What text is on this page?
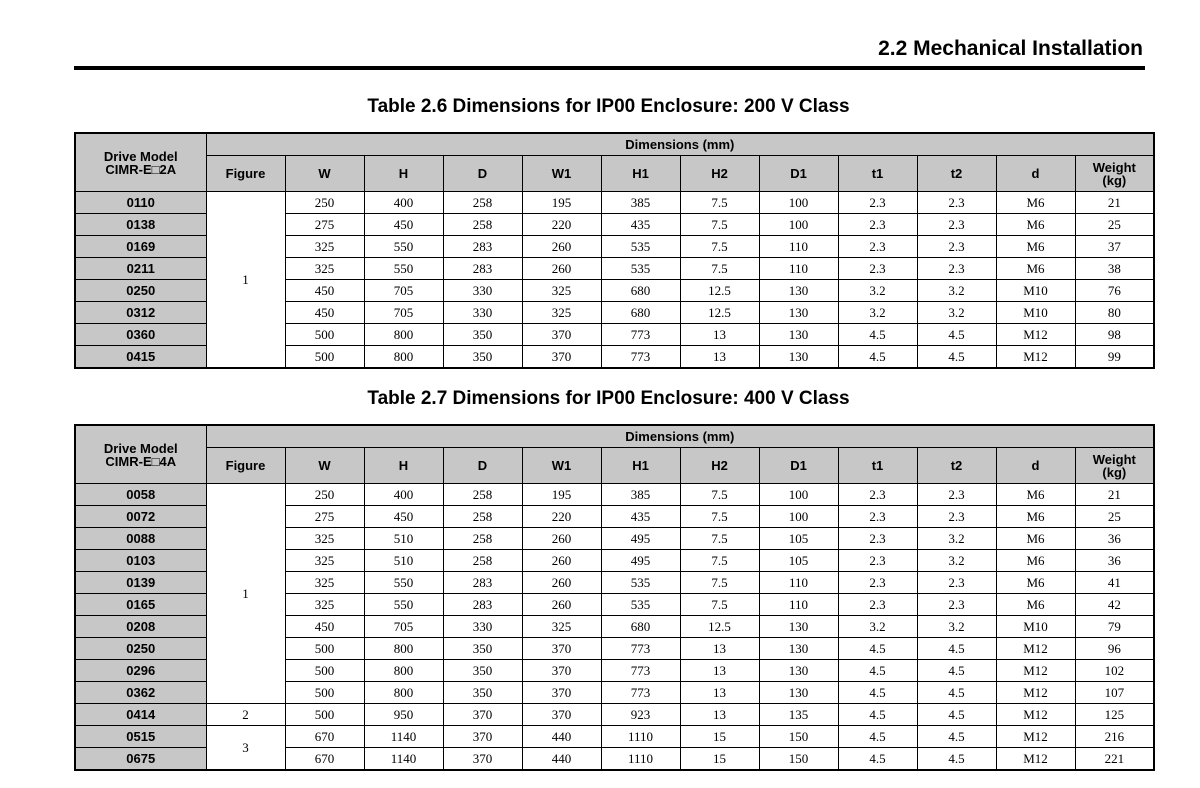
2.2 Mechanical Installation
Table 2.6 Dimensions for IP00 Enclosure: 200 V Class
Drive Model
CIMR-E□2A	Dimensions (mm)											
	Figure	W	H	D	W1	H1	H2	D1	t1	t2	d	Weight
(kg)

0110	1	250	400	258	195	385	7.5	100	2.3	2.3	M6	21
0138		275	450	258	220	435	7.5	100	2.3	2.3	M6	25
0169		325	550	283	260	535	7.5	110	2.3	2.3	M6	37
0211		325	550	283	260	535	7.5	110	2.3	2.3	M6	38
0250		450	705	330	325	680	12.5	130	3.2	3.2	M10	76
0312		450	705	330	325	680	12.5	130	3.2	3.2	M10	80
0360		500	800	350	370	773	13	130	4.5	4.5	M12	98
0415		500	800	350	370	773	13	130	4.5	4.5	M12	99
Table 2.7 Dimensions for IP00 Enclosure: 400 V Class
Drive Model
CIMR-E□4A	Dimensions (mm)											
	Figure	W	H	D	W1	H1	H2	D1	t1	t2	d	Weight
(kg)

0058	1	250	400	258	195	385	7.5	100	2.3	2.3	M6	21
0072		275	450	258	220	435	7.5	100	2.3	2.3	M6	25
0088		325	510	258	260	495	7.5	105	2.3	3.2	M6	36
0103		325	510	258	260	495	7.5	105	2.3	3.2	M6	36
0139		325	550	283	260	535	7.5	110	2.3	2.3	M6	41
0165		325	550	283	260	535	7.5	110	2.3	2.3	M6	42
0208		450	705	330	325	680	12.5	130	3.2	3.2	M10	79
0250		500	800	350	370	773	13	130	4.5	4.5	M12	96
0296		500	800	350	370	773	13	130	4.5	4.5	M12	102
0362		500	800	350	370	773	13	130	4.5	4.5	M12	107
0414	2	500	950	370	370	923	13	135	4.5	4.5	M12	125
0515	3	670	1140	370	440	1110	15	150	4.5	4.5	M12	216
0675		670	1140	370	440	1110	15	150	4.5	4.5	M12	221
